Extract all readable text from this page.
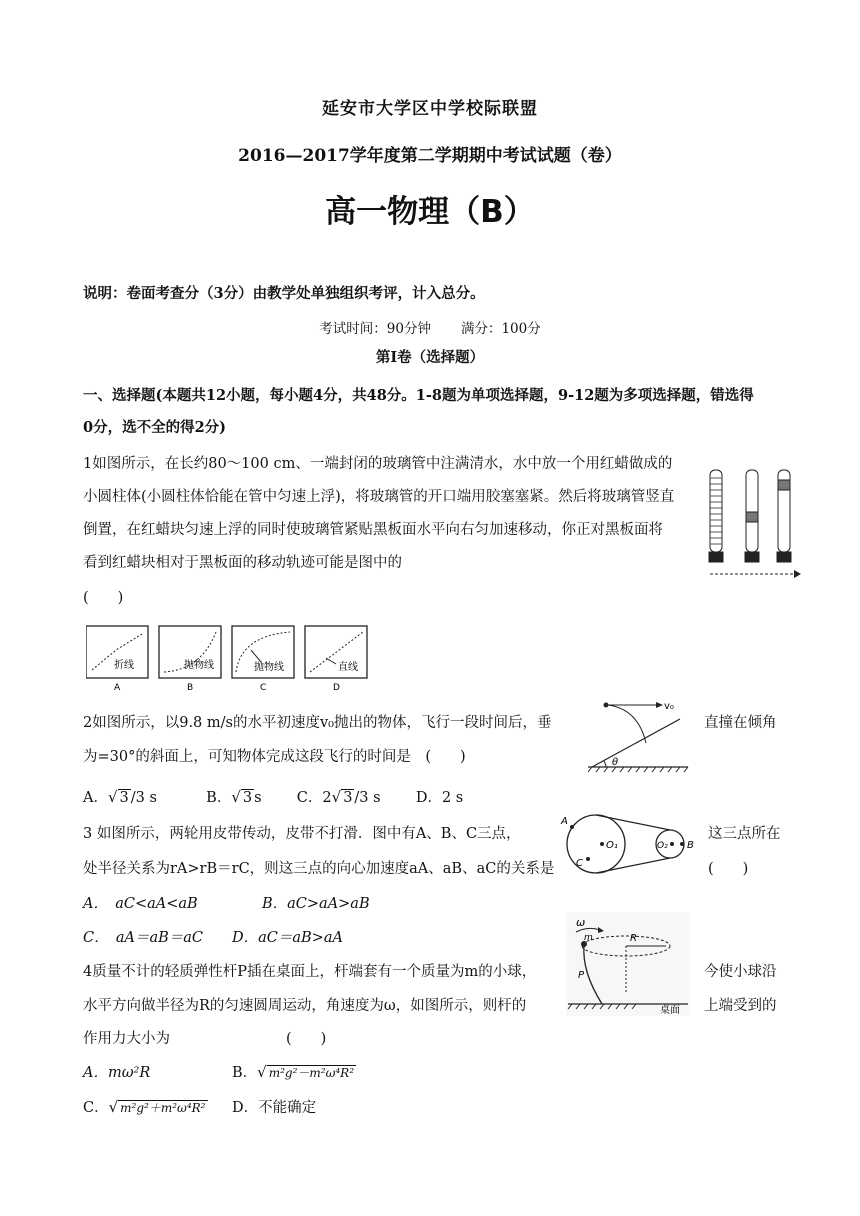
延安市大学区中学校际联盟
2016—2017学年度第二学期期中考试试题（卷）
高一物理（B）
说明：卷面考查分（3分）由教学处单独组织考评，计入总分。
考试时间：90分钟 满分：100分
第Ⅰ卷（选择题）
一、选择题(本题共12小题，每小题4分，共48分。1-8题为单项选择题，9-12题为多项选择题，错选得
0分，选不全的得2分)
1如图所示，在长约80～100 cm、一端封闭的玻璃管中注满清水，水中放一个用红蜡做成的
小圆柱体(小圆柱体恰能在管中匀速上浮)，将玻璃管的开口端用胶塞塞紧。然后将玻璃管竖直
倒置，在红蜡块匀速上浮的同时使玻璃管紧贴黑板面水平向右匀加速移动，你正对黑板面将
看到红蜡块相对于黑板面的移动轨迹可能是图中的
(　　)
折线
A
抛物线
B
抛物线
C
直线
D
2如图所示，以9.8 m/s的水平初速度v₀抛出的物体，飞行一段时间后，垂	直撞在倾角
为=30°的斜面上，可知物体完成这段飞行的时间是　(　　)
v₀
θ
A．√ 3 /3 s	B．√ 3 s C．2√ 3 /3 s D．2 s
3 如图所示，两轮用皮带传动，皮带不打滑．图中有A、B、C三点，	这三点所在
处半径关系为rA>rB＝rC，则这三点的向心加速度aA、aB、aC的关系是	(　　)
A
O₁
C
O₂ B
A．　aC<aA<aB	B．aC>aA>aB
C．　aA＝aB＝aC D．aC＝aB>aA
4质量不计的轻质弹性杆P插在桌面上，杆端套有一个质量为m的小球，	今使小球沿
水平方向做半径为R的匀速圆周运动，角速度为ω，如图所示，则杆的	上端受到的
作用力大小为　　　　　　　　(　　)
ω
m	R
P
桌面
A．mω²R	B．√ m²g²－m²ω⁴R²
C．√ m²g²＋m²ω⁴R² D．不能确定
